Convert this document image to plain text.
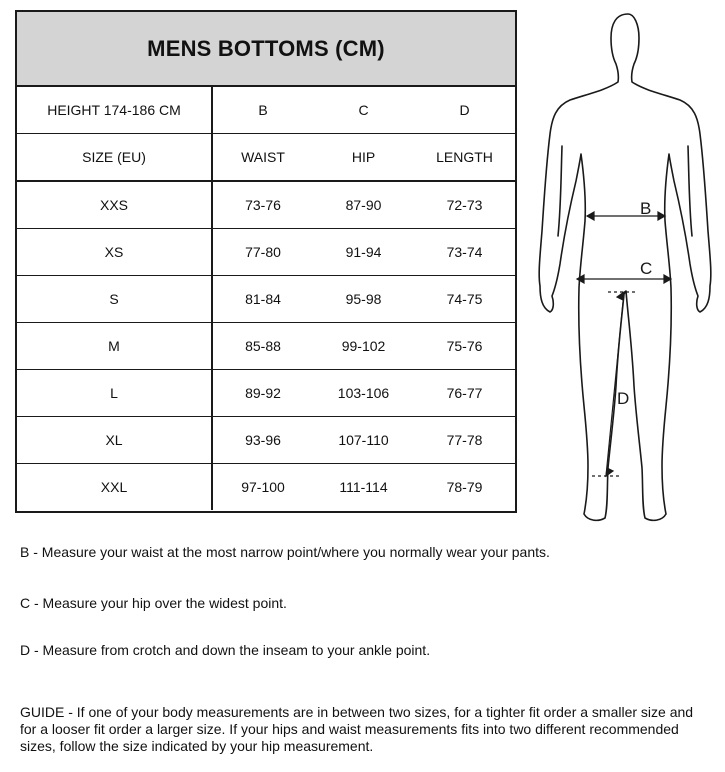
MENS BOTTOMS (CM)
HEIGHT 174-186 CM	B	C	D
SIZE (EU)	WAIST	HIP	LENGTH
XXS	73-76	87-90	72-73
XS	77-80	91-94	73-74
S	81-84	95-98	74-75
M	85-88	99-102	75-76
L	89-92	103-106	76-77
XL	93-96	107-110	77-78
XXL	97-100	111-114	78-79
B
C
D
B - Measure your waist at the most narrow point/where you normally wear your pants.
C - Measure your hip over the widest point.
D - Measure from crotch and down the inseam to your ankle point.
GUIDE - If one of your body measurements are in between two sizes, for a tighter fit order a smaller size and for a looser fit order a larger size. If your hips and waist measurements fits into two different recommended sizes, follow the size indicated by your hip measurement.
